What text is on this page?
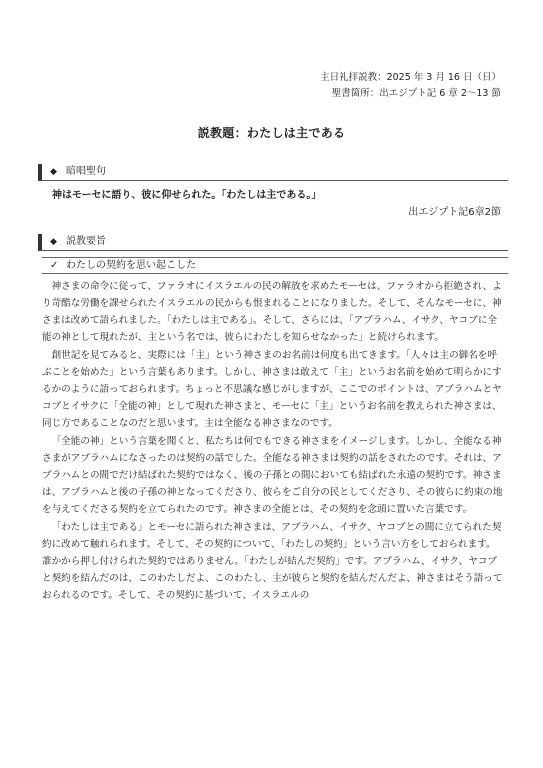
主日礼拝説教：2025 年 3 月 16 日（日）
聖書箇所：出エジプト記 6 章 2～13 節
説教題：わたしは主である
◆ 暗唱聖句
神はモーセに語り、彼に仰せられた。「わたしは主である。」
出エジプト記6章2節
◆ 説教要旨
✓ わたしの契約を思い起こした

神さまの命令に従って、ファラオにイスラエルの民の解放を求めたモーセは、ファラオから拒絶され、より苛酷な労働を課せられたイスラエルの民からも恨まれることになりました。そして、そんなモーセに、神さまは改めて語られました。「わたしは主である」。そして、さらには、「アブラハム、イサク、ヤコブに全能の神として現れたが、主という名では、彼らにわたしを知らせなかった」と続けられます。

創世記を見てみると、実際には「主」という神さまのお名前は何度も出てきます。「人々は主の御名を呼ぶことを始めた」という言葉もあります。しかし、神さまは敢えて「主」というお名前を始めて明らかにするかのように語っておられます。ちょっと不思議な感じがしますが、ここでのポイントは、アブラハムとヤコブとイサクに「全能の神」として現れた神さまと、モーセに「主」というお名前を教えられた神さまは、同じ方であることなのだと思います。主は全能なる神さまなのです。

「全能の神」という言葉を聞くと、私たちは何でもできる神さまをイメージします。しかし、全能なる神さまがアブラハムになさったのは契約の話でした。全能なる神さまは契約の話をされたのです。それは、アブラハムとの間でだけ結ばれた契約ではなく、後の子孫との間においても結ばれた永遠の契約です。神さまは、アブラハムと後の子孫の神となってくださり、彼らをご自分の民としてくださり、その彼らに約束の地を与えてくださる契約を立てられたのです。神さまの全能とは、その契約を念頭に置いた言葉です。

「わたしは主である」とモーセに語られた神さまは、アブラハム、イサク、ヤコブとの間に立てられた契約に改めて触れられます。そして、その契約について、「わたしの契約」という言い方をしておられます。誰かから押し付けられた契約ではありません。「わたしが結んだ契約」です。アブラハム、イサク、ヤコブと契約を結んだのは、このわたしだよ、このわたし、主が彼らと契約を結んだんだよ、神さまはそう語っておられるのです。そして、その契約に基づいて、イスラエルの
